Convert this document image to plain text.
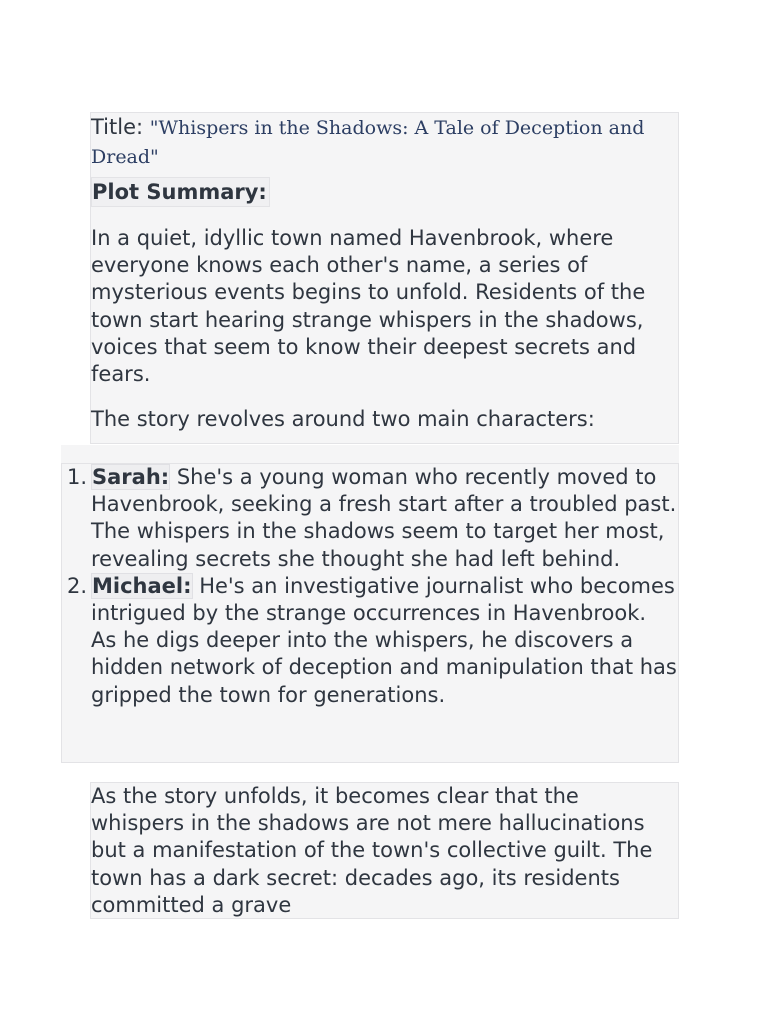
Title: "Whispers in the Shadows: A Tale of Deception and Dread"

Plot Summary:

In a quiet, idyllic town named Havenbrook, where everyone knows each other's name, a series of mysterious events begins to unfold. Residents of the town start hearing strange whispers in the shadows, voices that seem to know their deepest secrets and fears.

The story revolves around two main characters:

1. Sarah: She's a young woman who recently moved to Havenbrook, seeking a fresh start after a troubled past. The whispers in the shadows seem to target her most, revealing secrets she thought she had left behind.
2. Michael: He's an investigative journalist who becomes intrigued by the strange occurrences in Havenbrook. As he digs deeper into the whispers, he discovers a hidden network of deception and manipulation that has gripped the town for generations.

As the story unfolds, it becomes clear that the whispers in the shadows are not mere hallucinations but a manifestation of the town's collective guilt. The town has a dark secret: decades ago, its residents committed a grave
